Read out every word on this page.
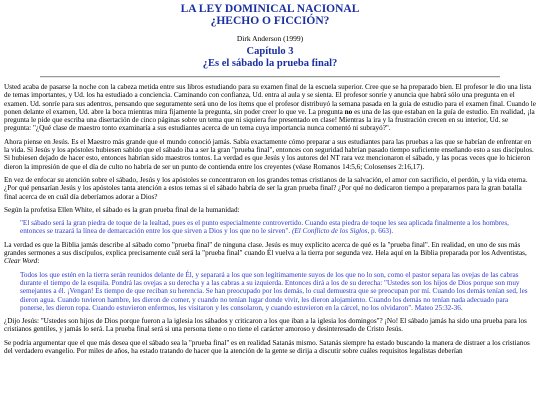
LA LEY DOMINICAL NACIONAL
¿HECHO O FICCIÓN?
Dirk Anderson (1999)
Capítulo 3
¿Es el sábado la prueba final?

Usted acaba de pasarse la noche con la cabeza metida entre sus libros estudiando para su examen final de la escuela superior. Cree que se ha preparado bien. El profesor le dio una lista de temas importantes, y Ud. los ha estudiado a conciencia. Caminando con confianza, Ud. entra al aula y se sienta. El profesor sonríe y anuncia que habrá sólo una pregunta en el examen. Ud. sonríe para sus adentros, pensando que seguramente será uno de los ítems que el profesor distribuyó la semana pasada en la guía de estudio para el examen final. Cuando le ponen delante el examen, Ud. abre la boca mientras mira fijamente la pregunta, sin poder creer lo que ve. La pregunta no es una de las que estaban en la guía de estudio. En realidad, ¡la pregunta le pide que escriba una disertación de cinco páginas sobre un tema que ni siquiera fue presentado en clase! Mientras la ira y la frustración crecen en su interior, Ud. se pregunta: "¿Qué clase de maestro tonto examinaría a sus estudiantes acerca de un tema cuya importancia nunca comentó ni subrayó?".

Ahora piense en Jesús. Es el Maestro más grande que el mundo conoció jamás. Sabía exactamente cómo preparar a sus estudiantes para las pruebas a las que se habrían de enfrentar en la vida. Si Jesús y los apóstoles hubiesen sabido que el sábado iba a ser la gran "prueba final", entonces con seguridad habrían pasado tiempo suficiente enseñando esto a sus discípulos. Si hubiesen dejado de hacer esto, entonces habrían sido maestros tontos. La verdad es que Jesús y los autores del NT rara vez mencionaron el sábado, y las pocas veces que lo hicieron dieron la impresión de que el día de culto no habría de ser un punto de contienda entre los creyentes (véase Romanos 14:5,6; Colosenses 2:16,17).

En vez de enfocar su atención sobre el sábado, Jesús y los apóstoles se concentraron en los grandes temas cristianos de la salvación, el amor con sacrificio, el perdón, y la vida eterna. ¿Por qué pensarían Jesús y los apóstoles tanta atención a estos temas si el sábado habría de ser la gran prueba final? ¿Por qué no dedicaron tiempo a prepararnos para la gran batalla final acerca de en cuál día deberíamos adorar a Dios?

Según la profetisa Ellen White, el sábado es la gran prueba final de la humanidad:

"El sábado será la gran piedra de toque de la lealtad, pues es el punto especialmente controvertido. Cuando esta piedra de toque les sea aplicada finalmente a los hombres, entonces se trazará la línea de demarcación entre los que sirven a Dios y los que no le sirven". (El Conflicto de los Siglos, p. 663).

La verdad es que la Biblia jamás describe al sábado como "prueba final" de ninguna clase. Jesús es muy explícito acerca de qué es la "prueba final". En realidad, en uno de sus más grandes sermones a sus discípulos, explica precisamente cuál será la "prueba final" cuando Él vuelva a la tierra por segunda vez. Hela aquí en la Biblia preparada por los Adventistas, Clear Word:

Todos los que estén en la tierra serán reunidos delante de Él, y separará a los que son legítimamente suyos de los que no lo son, como el pastor separa las ovejas de las cabras durante el tiempo de la esquila. Pondrá las ovejas a su derecha y a las cabras a su izquierda. Entonces dirá a los de su derecha: "Ustedes son los hijos de Dios porque son muy semejantes a él. ¡Vengan! Es tiempo de que reciban su herencia. Se han preocupado por los demás, lo cual demuestra que se preocupan por mí. Cuando los demás tenían sed, les dieron agua. Cuando tuvieron hambre, les dieron de comer, y cuando no tenían lugar donde vivir, les dieron alojamiento. Cuando los demás no tenían nada adecuado para ponerse, les dieron ropa. Cuando estuvieron enfermos, les visitaron y les consolaron, y cuando estuvieron en la cárcel, no los olvidaron". Mateo 25:32-36.

¿Dijo Jesús: "Ustedes son hijos de Dios porque fueron a la iglesia los sábados y criticaron a los que iban a la iglesia los domingos"? ¡No! El sábado jamás ha sido una prueba para los cristianos gentiles, y jamás lo será. La prueba final será si una persona tiene o no tiene el carácter amoroso y desinteresado de Cristo Jesús.

Se podría argumentar que el que más desea que el sábado sea la "prueba final" es en realidad Satanás mismo. Satanás siempre ha estado buscando la manera de distraer a los cristianos del verdadero evangelio. Por miles de años, ha estado tratando de hacer que la atención de la gente se dirija a discutir sobre cuáles requisitos legalistas deberían
